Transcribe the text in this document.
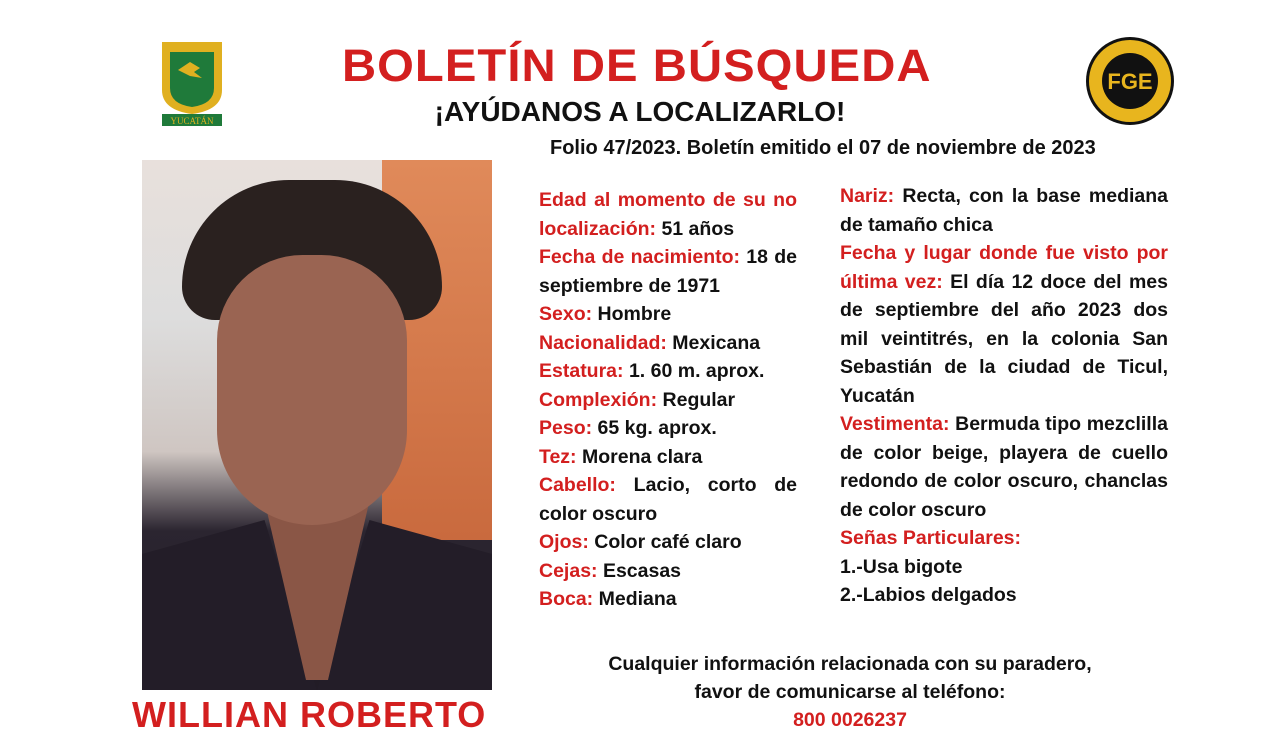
YUCATÁN
FGE
BOLETÍN DE BÚSQUEDA
¡AYÚDANOS A LOCALIZARLO!
Folio 47/2023. Boletín emitido el 07 de noviembre de 2023
WILLIAN ROBERTO

Edad al momento de su no localización: 51 años

Fecha de nacimiento: 18 de septiembre de 1971

Sexo: Hombre

Nacionalidad: Mexicana

Estatura: 1. 60 m. aprox.

Complexión: Regular

Peso: 65 kg. aprox.

Tez: Morena clara

Cabello: Lacio, corto de color oscuro

Ojos: Color café claro

Cejas: Escasas

Boca: Mediana

Nariz: Recta, con la base mediana de tamaño chica

Fecha y lugar donde fue visto por última vez: El día 12 doce del mes de septiembre del año 2023 dos mil veintitrés, en la colonia San Sebastián de la ciudad de Ticul, Yucatán

Vestimenta: Bermuda tipo mezclilla de color beige, playera de cuello redondo de color oscuro, chanclas de color oscuro

Señas Particulares:

1.-Usa bigote

2.-Labios delgados

Cualquier información relacionada con su paradero, favor de comunicarse al teléfono:
800 0026237
